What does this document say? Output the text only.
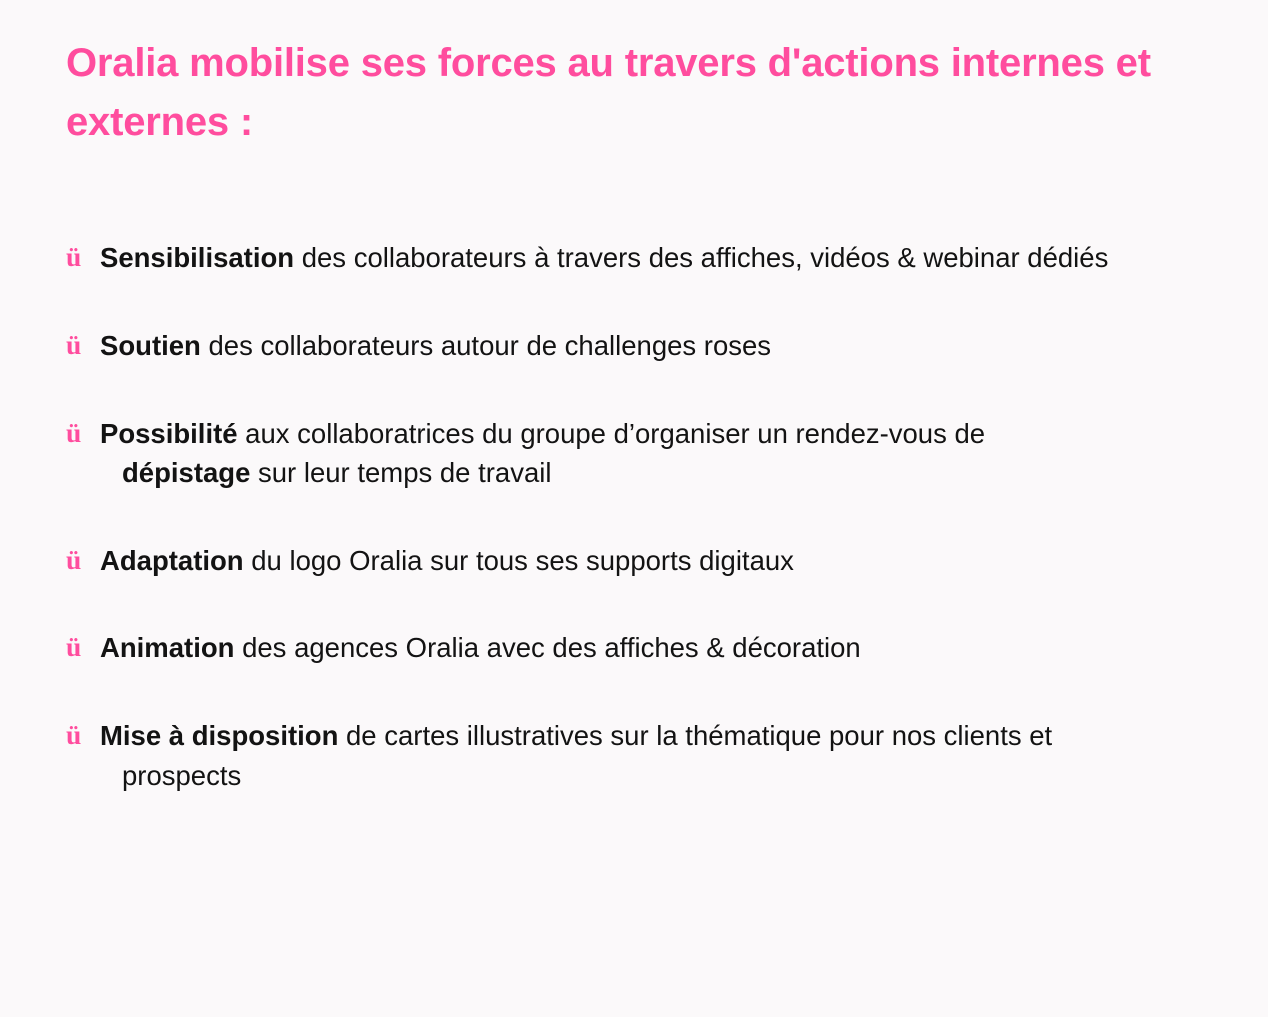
Oralia mobilise ses forces au travers d'actions internes et externes :
ü Sensibilisation des collaborateurs à travers des affiches, vidéos & webinar dédiés
ü Soutien des collaborateurs autour de challenges roses
ü Possibilité aux collaboratrices du groupe d’organiser un rendez-vous de
dépistage sur leur temps de travail
ü Adaptation du logo Oralia sur tous ses supports digitaux
ü Animation des agences Oralia avec des affiches & décoration
ü Mise à disposition de cartes illustratives sur la thématique pour nos clients et
prospects
